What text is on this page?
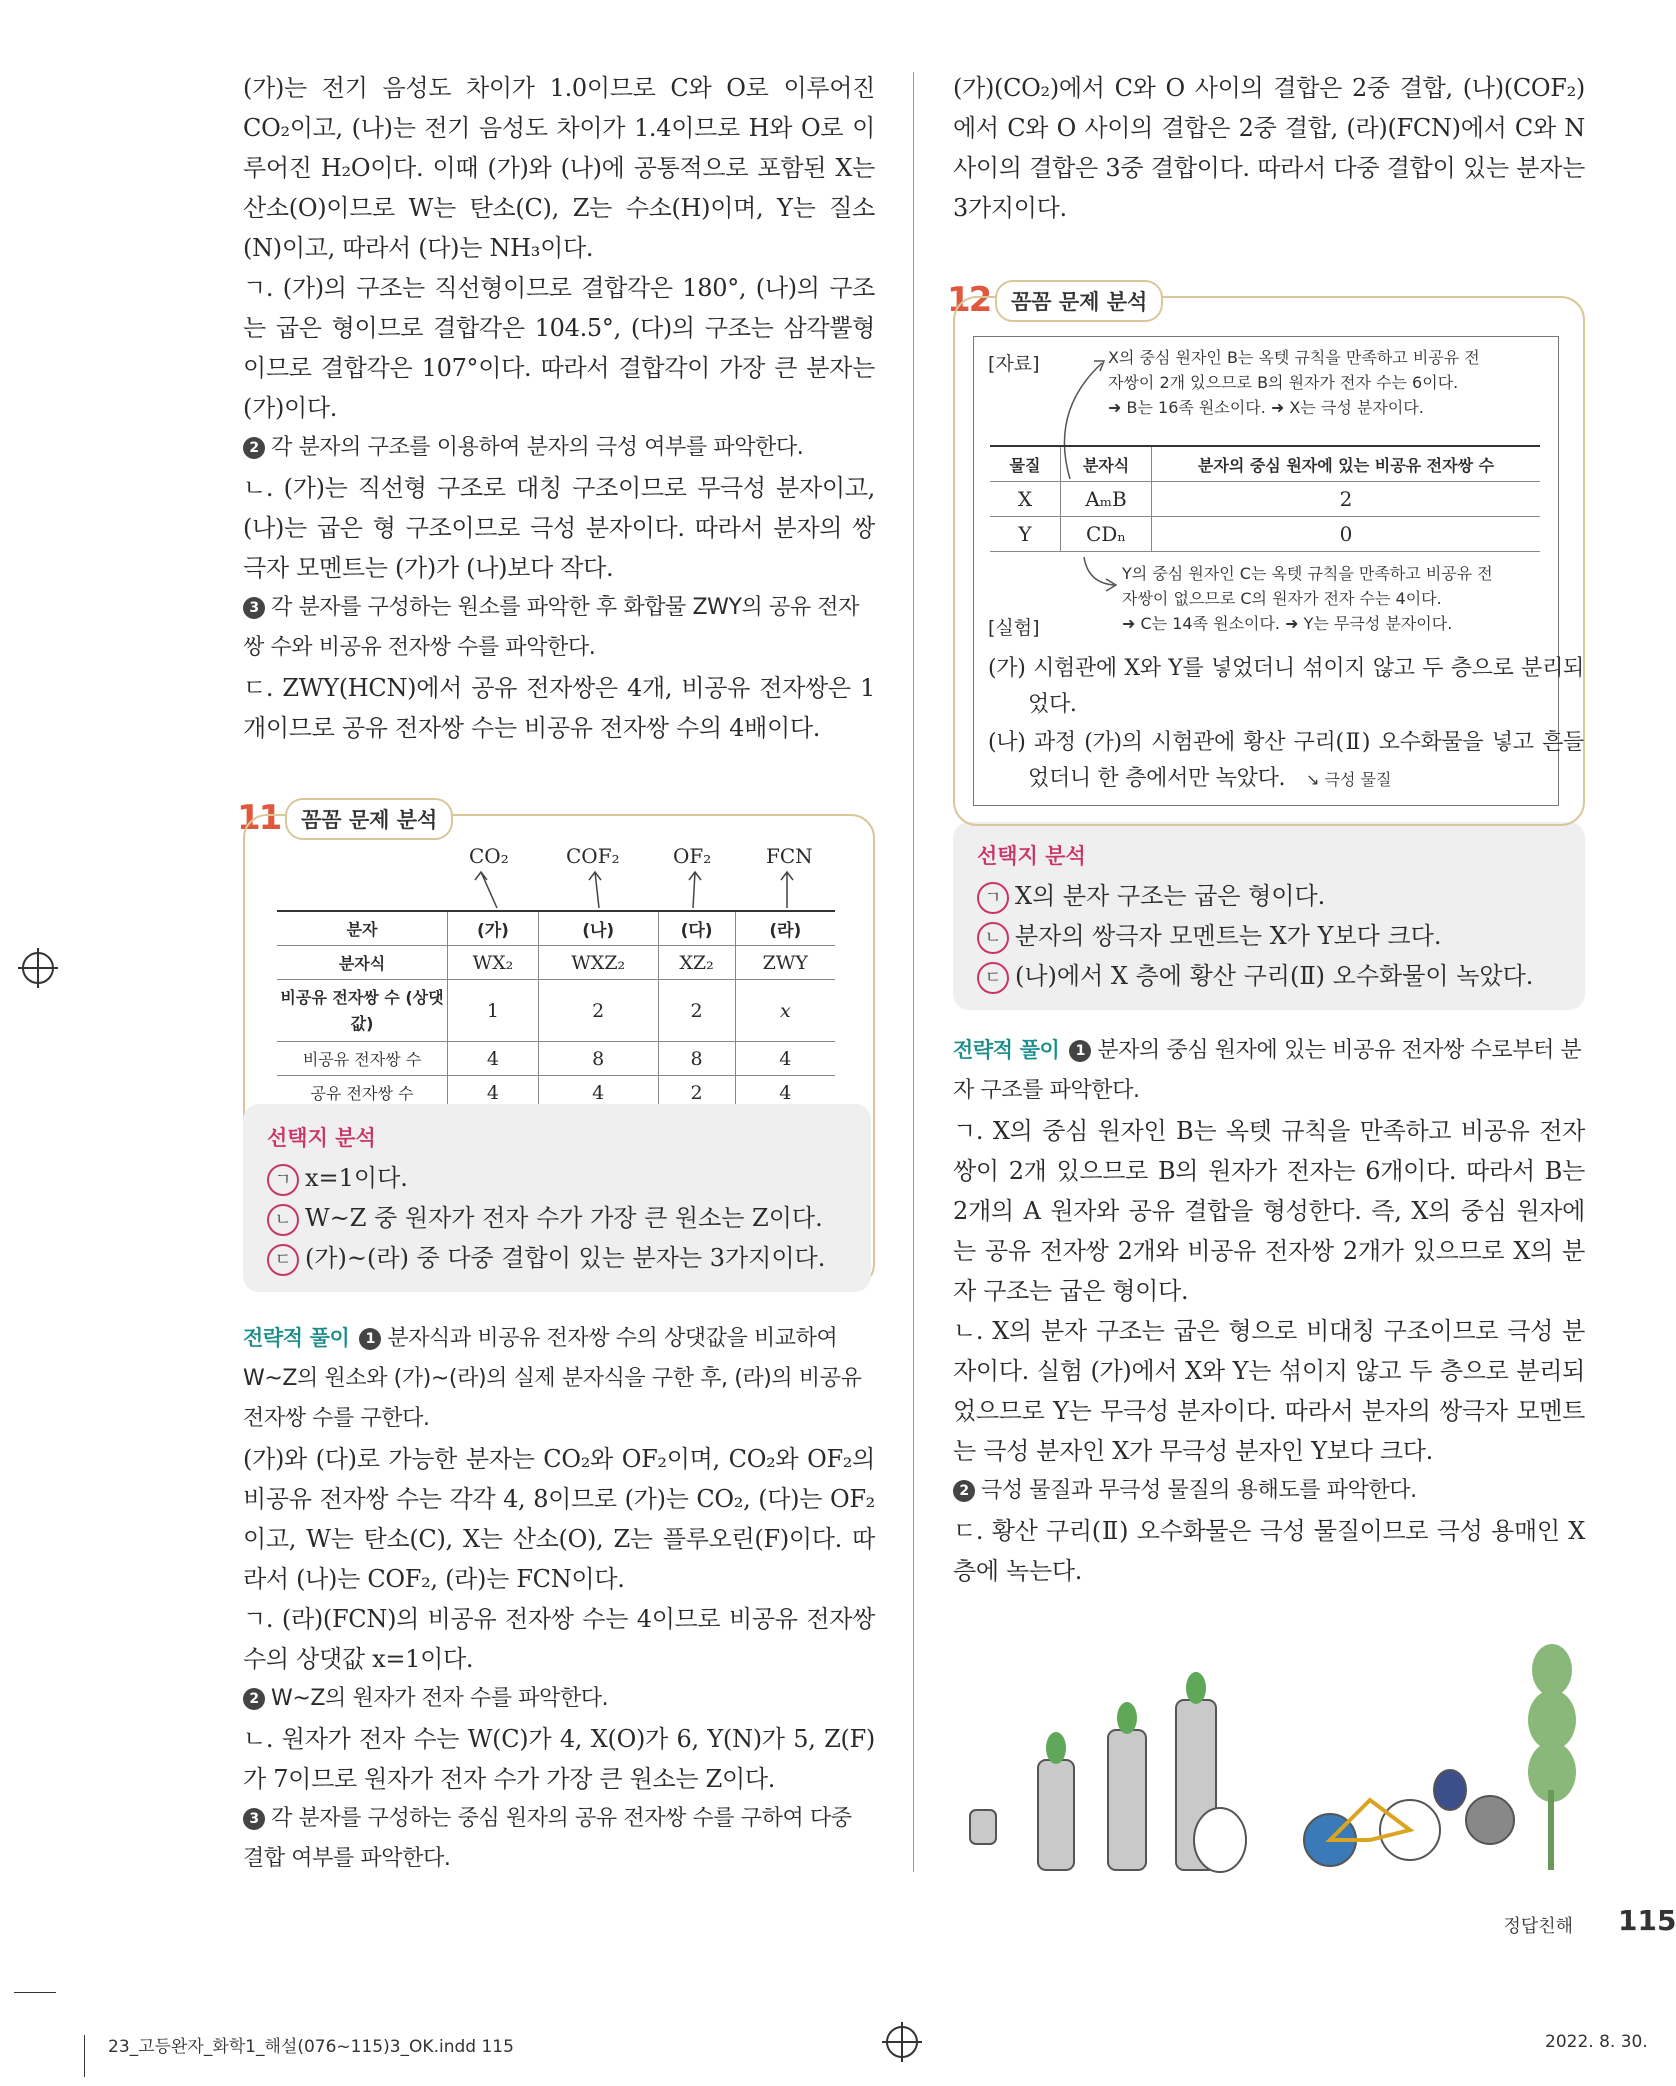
(가)는 전기 음성도 차이가 1.0이므로 C와 O로 이루어진 CO₂이고, (나)는 전기 음성도 차이가 1.4이므로 H와 O로 이루어진 H₂O이다. 이때 (가)와 (나)에 공통적으로 포함된 X는 산소(O)이므로 W는 탄소(C), Z는 수소(H)이며, Y는 질소(N)이고, 따라서 (다)는 NH₃이다.

ㄱ. (가)의 구조는 직선형이므로 결합각은 180°, (나)의 구조는 굽은 형이므로 결합각은 104.5°, (다)의 구조는 삼각뿔형이므로 결합각은 107°이다. 따라서 결합각이 가장 큰 분자는 (가)이다.

2 각 분자의 구조를 이용하여 분자의 극성 여부를 파악한다.

ㄴ. (가)는 직선형 구조로 대칭 구조이므로 무극성 분자이고, (나)는 굽은 형 구조이므로 극성 분자이다. 따라서 분자의 쌍극자 모멘트는 (가)가 (나)보다 작다.

3 각 분자를 구성하는 원소를 파악한 후 화합물 ZWY의 공유 전자쌍 수와 비공유 전자쌍 수를 파악한다.

ㄷ. ZWY(HCN)에서 공유 전자쌍은 4개, 비공유 전자쌍은 1개이므로 공유 전자쌍 수는 비공유 전자쌍 수의 4배이다.

11 꼼꼼 문제 분석
CO₂	COF₂	OF₂	FCN
분자	(가)	(나)	(다)	(라)
분자식	WX₂	WXZ₂	XZ₂	ZWY
비공유 전자쌍 수 (상댓값)	1	2	2	x
비공유 전자쌍 수	4	8	8	4
공유 전자쌍 수	4	4	2	4
선택지 분석
ㄱ x=1이다.
ㄴ W~Z 중 원자가 전자 수가 가장 큰 원소는 Z이다.
ㄷ (가)~(라) 중 다중 결합이 있는 분자는 3가지이다.

전략적 풀이 1 분자식과 비공유 전자쌍 수의 상댓값을 비교하여 W~Z의 원소와 (가)~(라)의 실제 분자식을 구한 후, (라)의 비공유 전자쌍 수를 구한다.

(가)와 (다)로 가능한 분자는 CO₂와 OF₂이며, CO₂와 OF₂의 비공유 전자쌍 수는 각각 4, 8이므로 (가)는 CO₂, (다)는 OF₂이고, W는 탄소(C), X는 산소(O), Z는 플루오린(F)이다. 따라서 (나)는 COF₂, (라)는 FCN이다.

ㄱ. (라)(FCN)의 비공유 전자쌍 수는 4이므로 비공유 전자쌍 수의 상댓값 x=1이다.

2 W~Z의 원자가 전자 수를 파악한다.

ㄴ. 원자가 전자 수는 W(C)가 4, X(O)가 6, Y(N)가 5, Z(F)가 7이므로 원자가 전자 수가 가장 큰 원소는 Z이다.

3 각 분자를 구성하는 중심 원자의 공유 전자쌍 수를 구하여 다중 결합 여부를 파악한다.

(가)(CO₂)에서 C와 O 사이의 결합은 2중 결합, (나)(COF₂)에서 C와 O 사이의 결합은 2중 결합, (라)(FCN)에서 C와 N 사이의 결합은 3중 결합이다. 따라서 다중 결합이 있는 분자는 3가지이다.

12 꼼꼼 문제 분석
[자료]	X의 중심 원자인 B는 옥텟 규칙을 만족하고 비공유 전
자쌍이 2개 있으므로 B의 원자가 전자 수는 6이다.
➜ B는 16족 원소이다. ➜ X는 극성 분자이다.
물질	분자식	분자의 중심 원자에 있는 비공유 전자쌍 수
X	AₘB	2
Y	CDₙ	0
Y의 중심 원자인 C는 옥텟 규칙을 만족하고 비공유 전
자쌍이 없으므로 C의 원자가 전자 수는 4이다.
➜ C는 14족 원소이다. ➜ Y는 무극성 분자이다.
[실험]
(가) 시험관에 X와 Y를 넣었더니 섞이지 않고 두 층으로 분리되었다.
(나) 과정 (가)의 시험관에 황산 구리(Ⅱ) 오수화물을 넣고 흔들었더니 한 층에서만 녹았다.	↘ 극성 물질
선택지 분석
ㄱ X의 분자 구조는 굽은 형이다.
ㄴ 분자의 쌍극자 모멘트는 X가 Y보다 크다.
ㄷ (나)에서 X 층에 황산 구리(Ⅱ) 오수화물이 녹았다.

전략적 풀이 1 분자의 중심 원자에 있는 비공유 전자쌍 수로부터 분자 구조를 파악한다.

ㄱ. X의 중심 원자인 B는 옥텟 규칙을 만족하고 비공유 전자쌍이 2개 있으므로 B의 원자가 전자는 6개이다. 따라서 B는 2개의 A 원자와 공유 결합을 형성한다. 즉, X의 중심 원자에는 공유 전자쌍 2개와 비공유 전자쌍 2개가 있으므로 X의 분자 구조는 굽은 형이다.

ㄴ. X의 분자 구조는 굽은 형으로 비대칭 구조이므로 극성 분자이다. 실험 (가)에서 X와 Y는 섞이지 않고 두 층으로 분리되었으므로 Y는 무극성 분자이다. 따라서 분자의 쌍극자 모멘트는 극성 분자인 X가 무극성 분자인 Y보다 크다.

2 극성 물질과 무극성 물질의 용해도를 파악한다.

ㄷ. 황산 구리(Ⅱ) 오수화물은 극성 물질이므로 극성 용매인 X 층에 녹는다.

정답친해 115
23_고등완자_화학1_해설(076~115)3_OK.indd 115	2022. 8. 30.
